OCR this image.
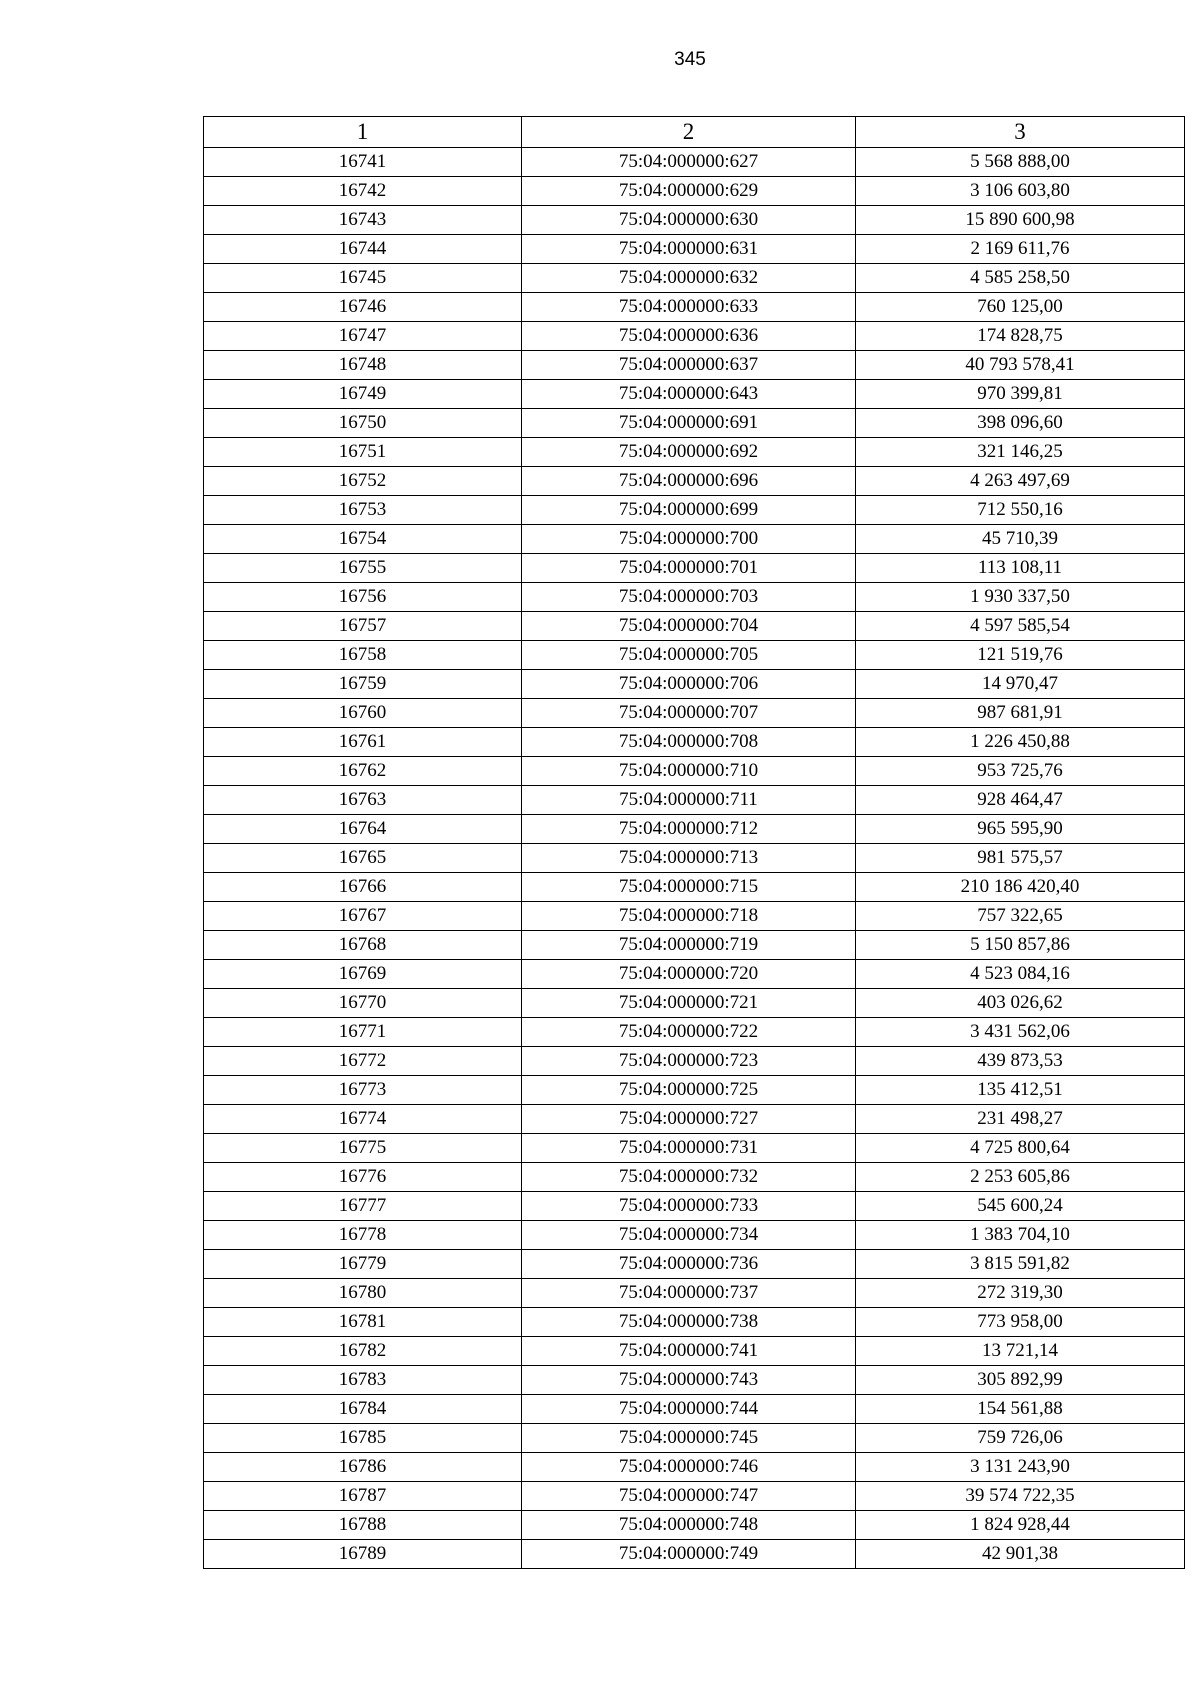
345
1	2	3
16741	75:04:000000:627	5 568 888,00
16742	75:04:000000:629	3 106 603,80
16743	75:04:000000:630	15 890 600,98
16744	75:04:000000:631	2 169 611,76
16745	75:04:000000:632	4 585 258,50
16746	75:04:000000:633	760 125,00
16747	75:04:000000:636	174 828,75
16748	75:04:000000:637	40 793 578,41
16749	75:04:000000:643	970 399,81
16750	75:04:000000:691	398 096,60
16751	75:04:000000:692	321 146,25
16752	75:04:000000:696	4 263 497,69
16753	75:04:000000:699	712 550,16
16754	75:04:000000:700	45 710,39
16755	75:04:000000:701	113 108,11
16756	75:04:000000:703	1 930 337,50
16757	75:04:000000:704	4 597 585,54
16758	75:04:000000:705	121 519,76
16759	75:04:000000:706	14 970,47
16760	75:04:000000:707	987 681,91
16761	75:04:000000:708	1 226 450,88
16762	75:04:000000:710	953 725,76
16763	75:04:000000:711	928 464,47
16764	75:04:000000:712	965 595,90
16765	75:04:000000:713	981 575,57
16766	75:04:000000:715	210 186 420,40
16767	75:04:000000:718	757 322,65
16768	75:04:000000:719	5 150 857,86
16769	75:04:000000:720	4 523 084,16
16770	75:04:000000:721	403 026,62
16771	75:04:000000:722	3 431 562,06
16772	75:04:000000:723	439 873,53
16773	75:04:000000:725	135 412,51
16774	75:04:000000:727	231 498,27
16775	75:04:000000:731	4 725 800,64
16776	75:04:000000:732	2 253 605,86
16777	75:04:000000:733	545 600,24
16778	75:04:000000:734	1 383 704,10
16779	75:04:000000:736	3 815 591,82
16780	75:04:000000:737	272 319,30
16781	75:04:000000:738	773 958,00
16782	75:04:000000:741	13 721,14
16783	75:04:000000:743	305 892,99
16784	75:04:000000:744	154 561,88
16785	75:04:000000:745	759 726,06
16786	75:04:000000:746	3 131 243,90
16787	75:04:000000:747	39 574 722,35
16788	75:04:000000:748	1 824 928,44
16789	75:04:000000:749	42 901,38
